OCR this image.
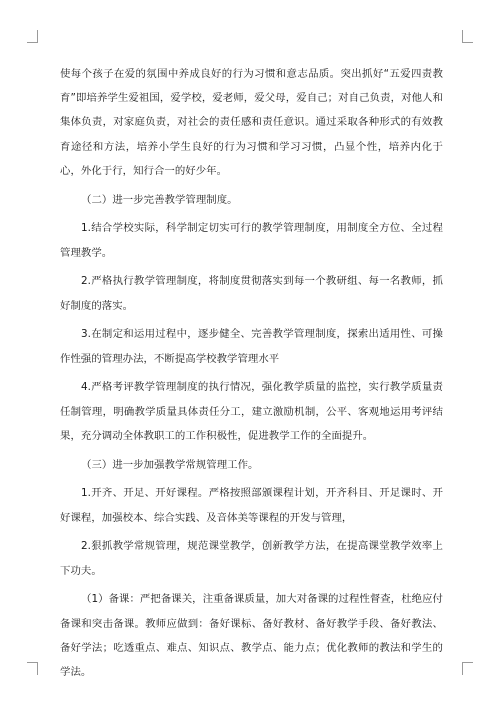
使每个孩子在爱的氛围中养成良好的行为习惯和意志品质。突出抓好“五爱四责教育”即培养学生爱祖国，爱学校，爱老师，爱父母，爱自己；对自己负责，对他人和集体负责，对家庭负责，对社会的责任感和责任意识。通过采取各种形式的有效教育途径和方法，培养小学生良好的行为习惯和学习习惯，凸显个性，培养内化于心，外化于行，知行合一的好少年。

（二）进一步完善教学管理制度。

1.结合学校实际，科学制定切实可行的教学管理制度，用制度全方位、全过程管理教学。

2.严格执行教学管理制度，将制度贯彻落实到每一个教研组、每一名教师，抓好制度的落实。

3.在制定和运用过程中，逐步健全、完善教学管理制度，探索出适用性、可操作性强的管理办法，不断提高学校教学管理水平

4.严格考评教学管理制度的执行情况，强化教学质量的监控，实行教学质量责任制管理，明确教学质量具体责任分工，建立激励机制，公平、客观地运用考评结果，充分调动全体教职工的工作积极性，促进教学工作的全面提升。

（三）进一步加强教学常规管理工作。

1.开齐、开足、开好课程。严格按照部颁课程计划，开齐科目、开足课时、开好课程，加强校本、综合实践、及音体美等课程的开发与管理，

2.狠抓教学常规管理，规范课堂教学，创新教学方法，在提高课堂教学效率上下功夫。

（1）备课：严把备课关，注重备课质量，加大对备课的过程性督查，杜绝应付备课和突击备课。教师应做到：备好课标、备好教材、备好教学手段、备好教法、备好学法；吃透重点、难点、知识点、教学点、能力点；优化教师的教法和学生的学法。
